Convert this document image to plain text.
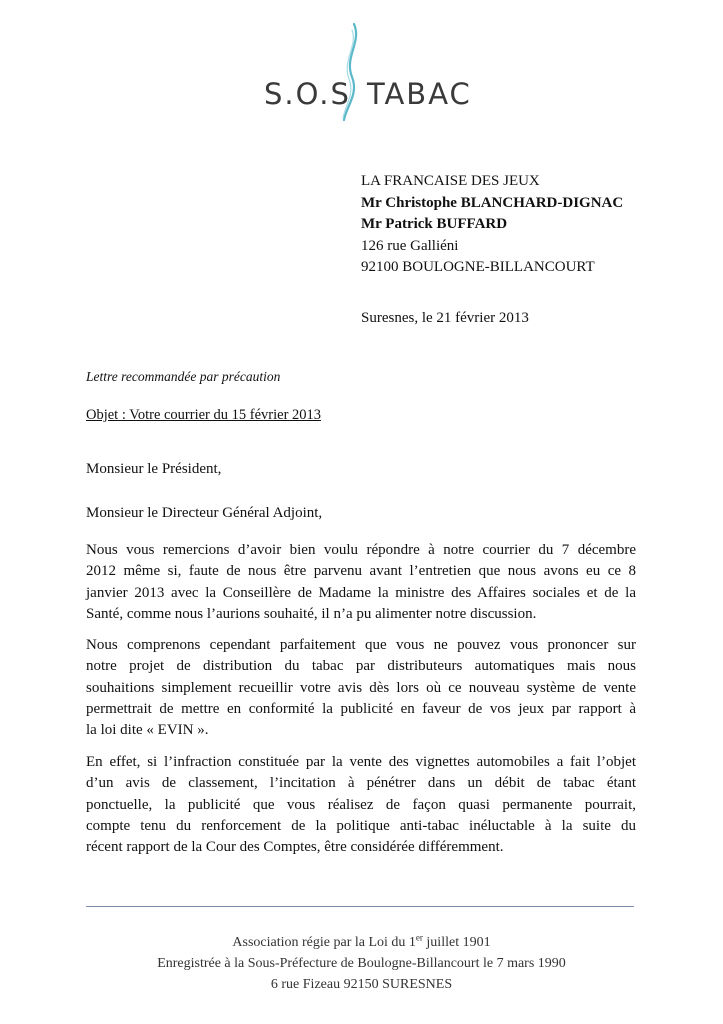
S.O.S TABAC
LA FRANCAISE DES JEUX
Mr Christophe BLANCHARD-DIGNAC
Mr Patrick BUFFARD
126 rue Galliéni
92100 BOULOGNE-BILLANCOURT
Suresnes, le 21 février 2013
Lettre recommandée par précaution
Objet : Votre courrier du 15 février 2013
Monsieur le Président,
Monsieur le Directeur Général Adjoint,
Nous vous remercions d’avoir bien voulu répondre à notre courrier du 7 décembre
2012 même si, faute de nous être parvenu avant l’entretien que nous avons eu ce 8
janvier 2013 avec la Conseillère de Madame la ministre des Affaires sociales et de la
Santé, comme nous l’aurions souhaité, il n’a pu alimenter notre discussion.
Nous comprenons cependant parfaitement que vous ne pouvez vous prononcer sur
notre projet de distribution du tabac par distributeurs automatiques mais nous
souhaitions simplement recueillir votre avis dès lors où ce nouveau système de vente
permettrait de mettre en conformité la publicité en faveur de vos jeux par rapport à
la loi dite « EVIN ».
En effet, si l’infraction constituée par la vente des vignettes automobiles a fait l’objet
d’un avis de classement, l’incitation à pénétrer dans un débit de tabac étant
ponctuelle, la publicité que vous réalisez de façon quasi permanente pourrait,
compte tenu du renforcement de la politique anti-tabac inéluctable à la suite du
récent rapport de la Cour des Comptes, être considérée différemment.
Association régie par la Loi du 1er juillet 1901
Enregistrée à la Sous-Préfecture de Boulogne-Billancourt le 7 mars 1990
6 rue Fizeau 92150 SURESNES
